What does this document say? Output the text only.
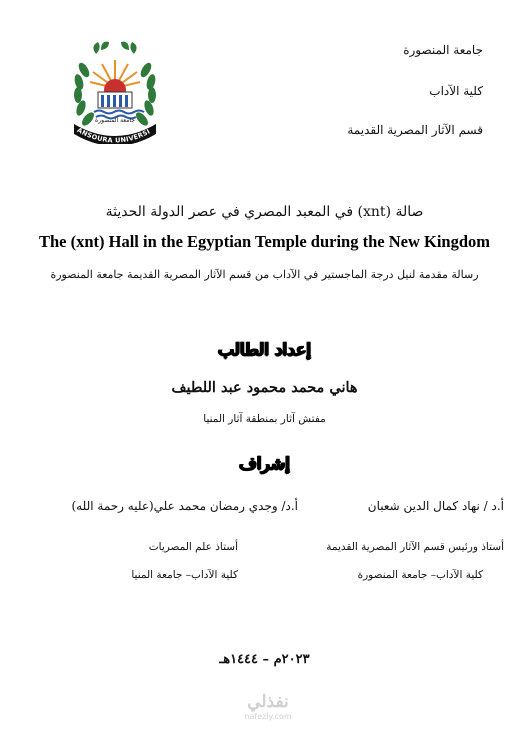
جامعة المنصورة
كلية الآداب
قسم الآثار المصرية القديمة
ANSOURA UNIVERSI
جامعة المنصورة
صالة (xnt) في المعبد المصري في عصر الدولة الحديثة
The (xnt) Hall in the Egyptian Temple during the New Kingdom
رسالة مقدمة لنيل درجة الماجستير في الآداب من قسم الآثار المصرية القديمة جامعة المنصورة
إعداد الطالب
هاني محمد محمود عبد اللطيف
مفتش آثار بمنطقة آثار المنيا
إشراف
أ.د / نهاد كمال الدين شعبان
أ.د/ وجدي رمضان محمد علي(عليه رحمة الله)
أستاذ ورئيس قسم الآثار المصرية القديمة
أستاذ علم المصريات
كلية الآداب– جامعة المنصورة
كلية الآداب– جامعة المنيا
٢٠٢٣م – ١٤٤٤هـ
نفذلي
nafezly.com
